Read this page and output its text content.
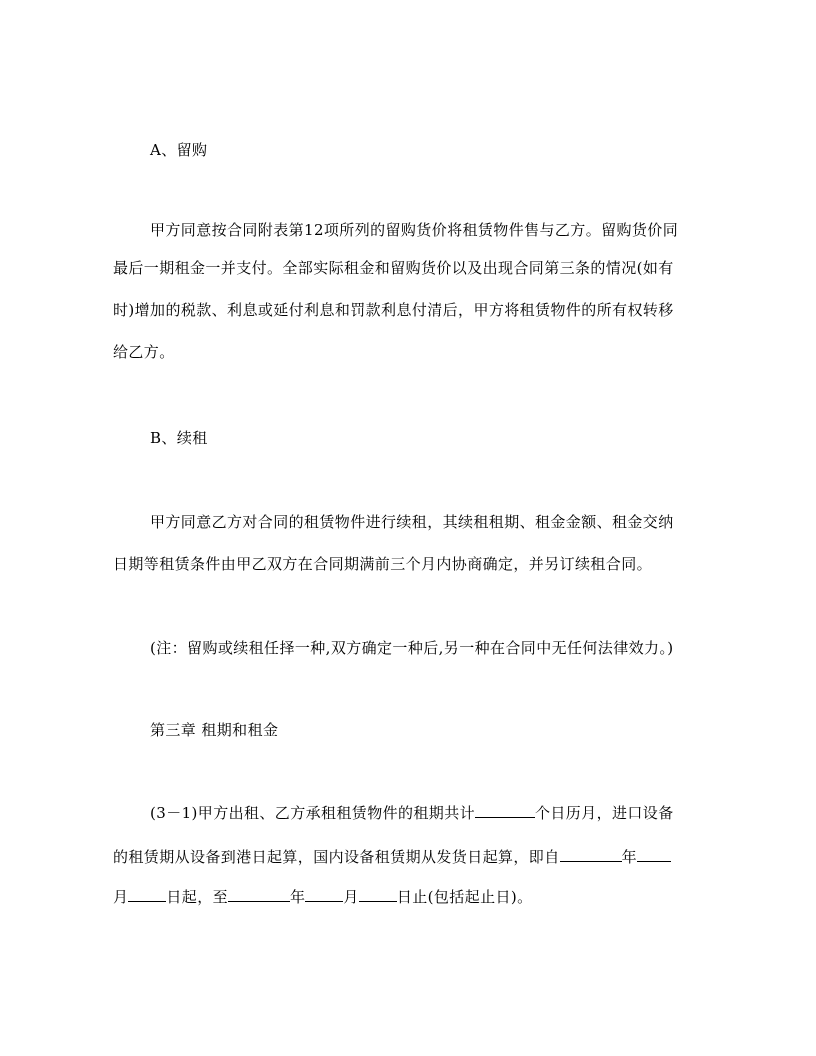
A、留购
甲方同意按合同附表第12项所列的留购货价将租赁物件售与乙方。留购货价同
最后一期租金一并支付。全部实际租金和留购货价以及出现合同第三条的情况(如有
时)增加的税款、利息或延付利息和罚款利息付清后，甲方将租赁物件的所有权转移
给乙方。
B、续租
甲方同意乙方对合同的租赁物件进行续租，其续租租期、租金金额、租金交纳
日期等租赁条件由甲乙双方在合同期满前三个月内协商确定，并另订续租合同。
(注：留购或续租任择一种,双方确定一种后,另一种在合同中无任何法律效力。)
第三章 租期和租金
(3－1)甲方出租、乙方承租租赁物件的租期共计	个日历月，进口设备
的租赁期从设备到港日起算，国内设备租赁期从发货日起算，即自	年
月	日起，至	年	月	日止(包括起止日)。
